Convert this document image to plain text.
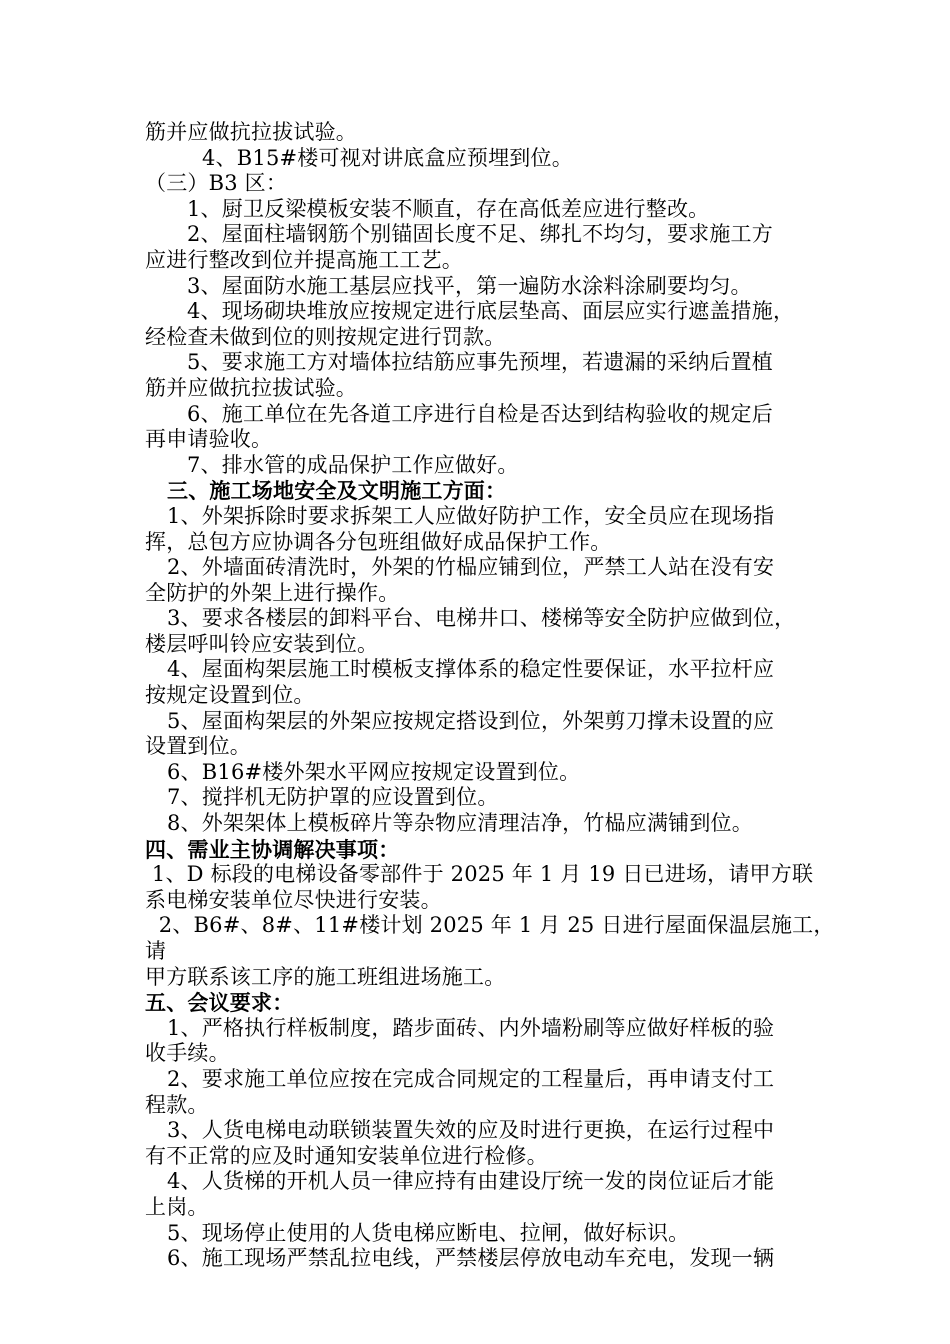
筋并应做抗拉拔试验。

4、B15#楼可视对讲底盒应预埋到位。

（三）B3 区：

1、厨卫反梁模板安装不顺直，存在高低差应进行整改。

2、屋面柱墙钢筋个别锚固长度不足、绑扎不均匀，要求施工方

应进行整改到位并提高施工工艺。

3、屋面防水施工基层应找平，第一遍防水涂料涂刷要均匀。

4、现场砌块堆放应按规定进行底层垫高、面层应实行遮盖措施，

经检查未做到位的则按规定进行罚款。

5、要求施工方对墙体拉结筋应事先预埋，若遗漏的采纳后置植

筋并应做抗拉拔试验。

6、施工单位在先各道工序进行自检是否达到结构验收的规定后

再申请验收。

7、排水管的成品保护工作应做好。

三、施工场地安全及文明施工方面：

1、外架拆除时要求拆架工人应做好防护工作，安全员应在现场指

挥，总包方应协调各分包班组做好成品保护工作。

2、外墙面砖清洗时，外架的竹榀应铺到位，严禁工人站在没有安

全防护的外架上进行操作。

3、要求各楼层的卸料平台、电梯井口、楼梯等安全防护应做到位，

楼层呼叫铃应安装到位。

4、屋面构架层施工时模板支撑体系的稳定性要保证，水平拉杆应

按规定设置到位。

5、屋面构架层的外架应按规定搭设到位，外架剪刀撑未设置的应

设置到位。

6、B16#楼外架水平网应按规定设置到位。

7、搅拌机无防护罩的应设置到位。

8、外架架体上模板碎片等杂物应清理洁净，竹榀应满铺到位。

四、需业主协调解决事项：

1、D 标段的电梯设备零部件于 2025 年 1 月 19 日已进场，请甲方联

系电梯安装单位尽快进行安装。

2、B6#、8#、11#楼计划 2025 年 1 月 25 日进行屋面保温层施工，请

甲方联系该工序的施工班组进场施工。

五、会议要求：

1、严格执行样板制度，踏步面砖、内外墙粉刷等应做好样板的验

收手续。

2、要求施工单位应按在完成合同规定的工程量后，再申请支付工

程款。

3、人货电梯电动联锁装置失效的应及时进行更换，在运行过程中

有不正常的应及时通知安装单位进行检修。

4、人货梯的开机人员一律应持有由建设厅统一发的岗位证后才能

上岗。

5、现场停止使用的人货电梯应断电、拉闸，做好标识。

6、施工现场严禁乱拉电线，严禁楼层停放电动车充电，发现一辆
